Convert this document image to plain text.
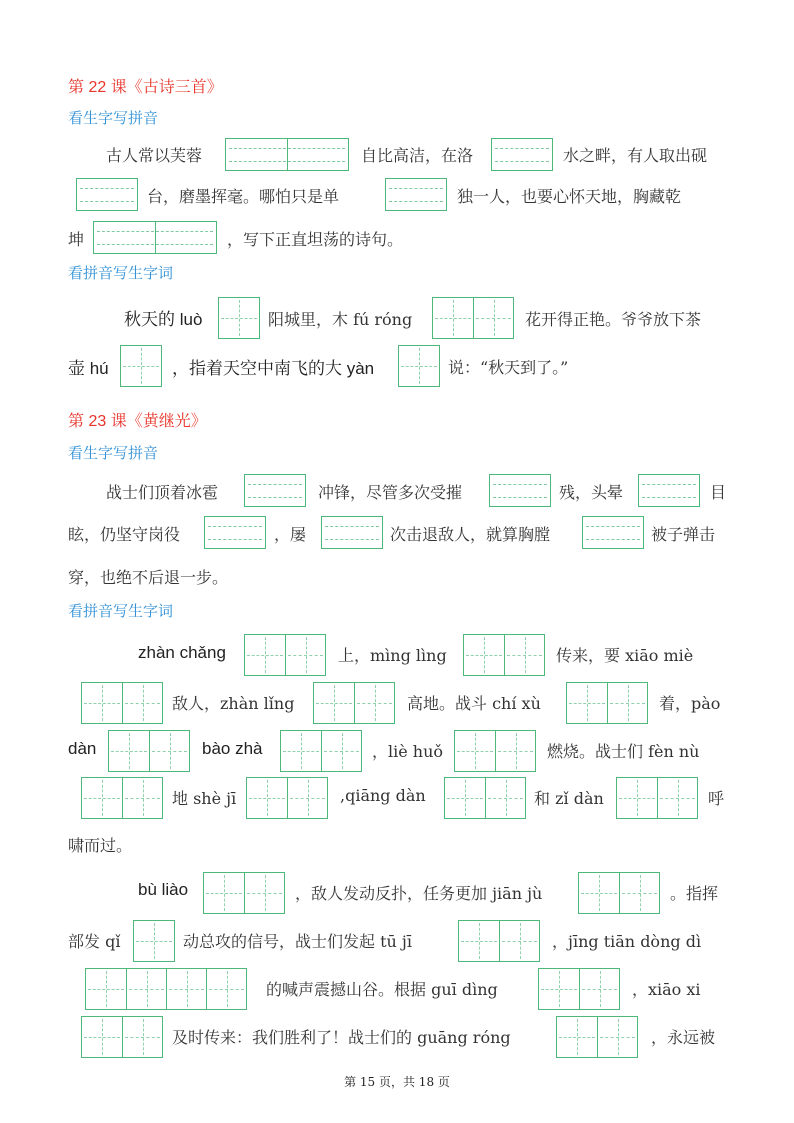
第 22 课《古诗三首》
看生字写拼音
古人常以芙蓉	自比高洁，在洛	水之畔，有人取出砚
台，磨墨挥毫。哪怕只是单	独一人，也要心怀天地，胸藏乾
坤	，写下正直坦荡的诗句。
看拼音写生字词
秋天的 luò	阳城里，木 fú róng	花开得正艳。爷爷放下茶
壶 hú	，指着天空中南飞的大 yàn	说：“秋天到了。”
第 23 课《黄继光》
看生字写拼音
战士们顶着冰雹	冲锋，尽管多次受摧	残，头晕	目
眩，仍坚守岗役	，屡	次击退敌人，就算胸膛	被子弹击
穿，也绝不后退一步。
看拼音写生字词
zhàn chǎng	上，mìng lìng	传来，要 xiāo miè
敌人，zhàn lǐng	高地。战斗 chí xù	着，pào
dàn	bào zhà	，liè huǒ	燃烧。战士们 fèn nù
地 shè jī	,qiāng dàn	和 zǐ dàn	呼
啸而过。
bù liào	，敌人发动反扑，任务更加 jiān jù	。指挥
部发 qǐ	动总攻的信号，战士们发起 tū jī	，jīng tiān dòng dì
的喊声震撼山谷。根据 guī dìng	，xiāo xi
及时传来：我们胜利了！战士们的 guāng róng	，永远被
第 15 页，共 18 页
